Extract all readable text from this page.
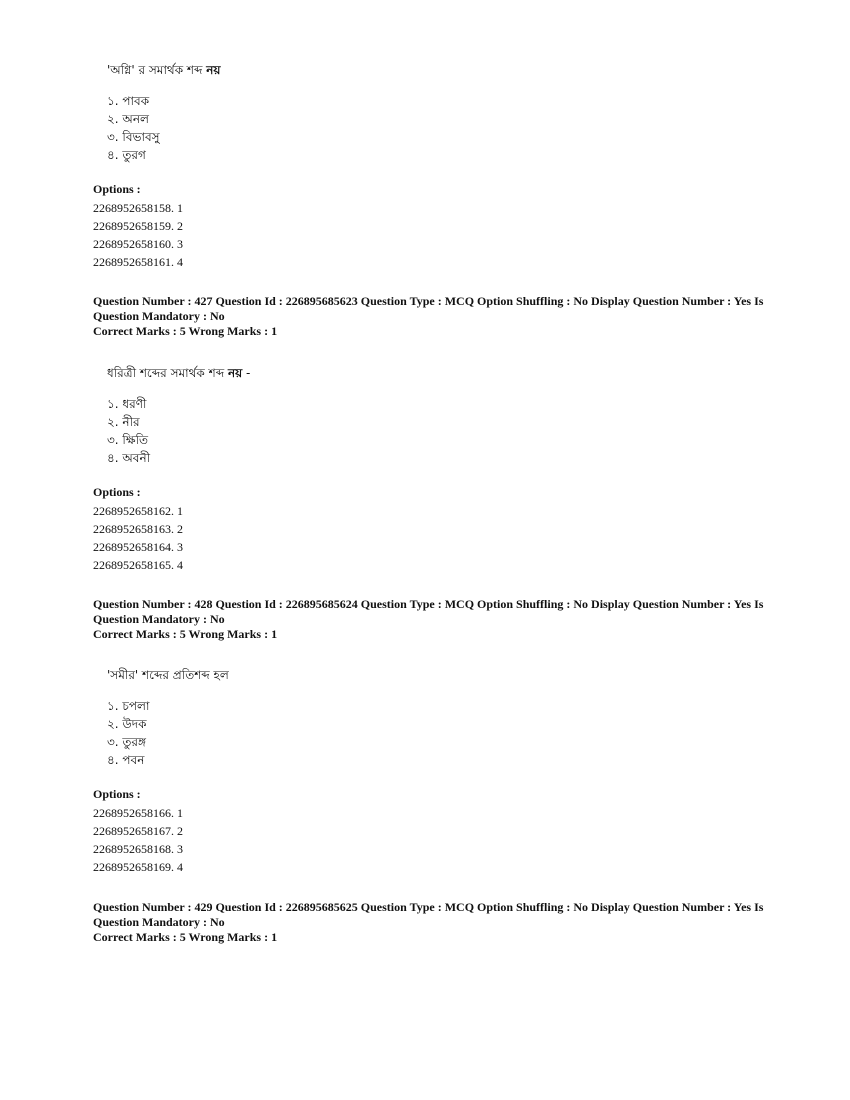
'অগ্নি' র সমার্থক শব্দ নয়
১. পাবক
২. অনল
৩. বিভাবসু
৪. তুরগ
Options :
2268952658158. 1
2268952658159. 2
2268952658160. 3
2268952658161. 4
Question Number : 427 Question Id : 226895685623 Question Type : MCQ Option Shuffling : No Display Question Number : Yes Is
Question Mandatory : No
Correct Marks : 5 Wrong Marks : 1
ধরিত্রী শব্দের সমার্থক শব্দ নয় -
১. ধরণী
২. নীর
৩. ক্ষিতি
৪. অবনী
Options :
2268952658162. 1
2268952658163. 2
2268952658164. 3
2268952658165. 4
Question Number : 428 Question Id : 226895685624 Question Type : MCQ Option Shuffling : No Display Question Number : Yes Is
Question Mandatory : No
Correct Marks : 5 Wrong Marks : 1
'সমীর' শব্দের প্রতিশব্দ হল
১. চপলা
২. উদক
৩. তুরঙ্গ
৪. পবন
Options :
2268952658166. 1
2268952658167. 2
2268952658168. 3
2268952658169. 4
Question Number : 429 Question Id : 226895685625 Question Type : MCQ Option Shuffling : No Display Question Number : Yes Is
Question Mandatory : No
Correct Marks : 5 Wrong Marks : 1
